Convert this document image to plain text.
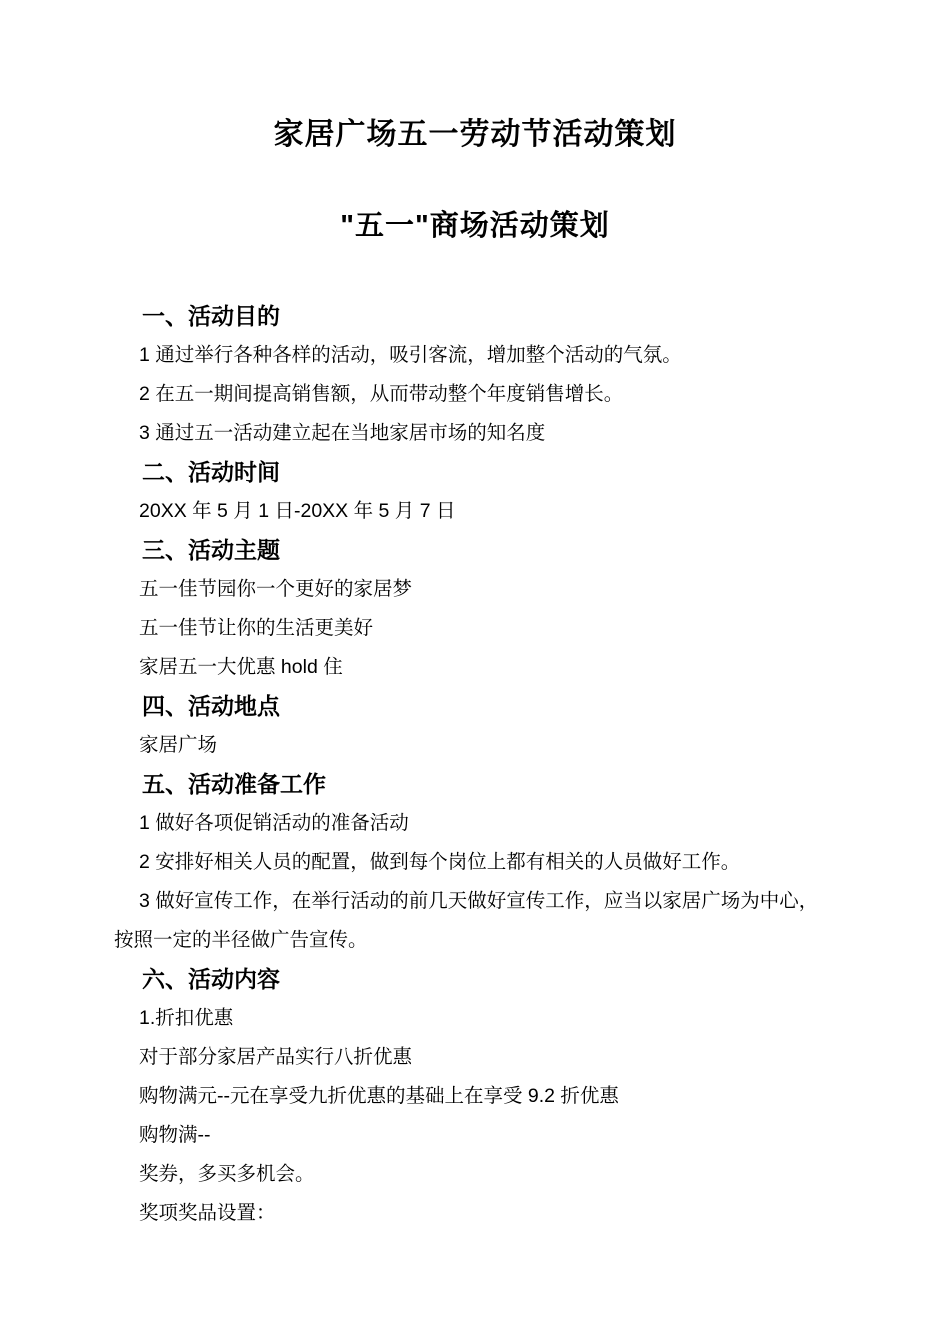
家居广场五一劳动节活动策划
"五一"商场活动策划
一、活动目的

1 通过举行各种各样的活动，吸引客流，增加整个活动的气氛。

2 在五一期间提高销售额，从而带动整个年度销售增长。

3 通过五一活动建立起在当地家居市场的知名度

二、活动时间

20XX 年 5 月 1 日-20XX 年 5 月 7 日

三、活动主题

五一佳节园你一个更好的家居梦

五一佳节让你的生活更美好

家居五一大优惠 hold 住

四、活动地点

家居广场

五、活动准备工作

1 做好各项促销活动的准备活动

2 安排好相关人员的配置，做到每个岗位上都有相关的人员做好工作。

3 做好宣传工作，在举行活动的前几天做好宣传工作，应当以家居广场为中心，按照一定的半径做广告宣传。

六、活动内容

1.折扣优惠

对于部分家居产品实行八折优惠

购物满元--元在享受九折优惠的基础上在享受 9.2 折优惠

购物满--

奖券，多买多机会。

奖项奖品设置：
